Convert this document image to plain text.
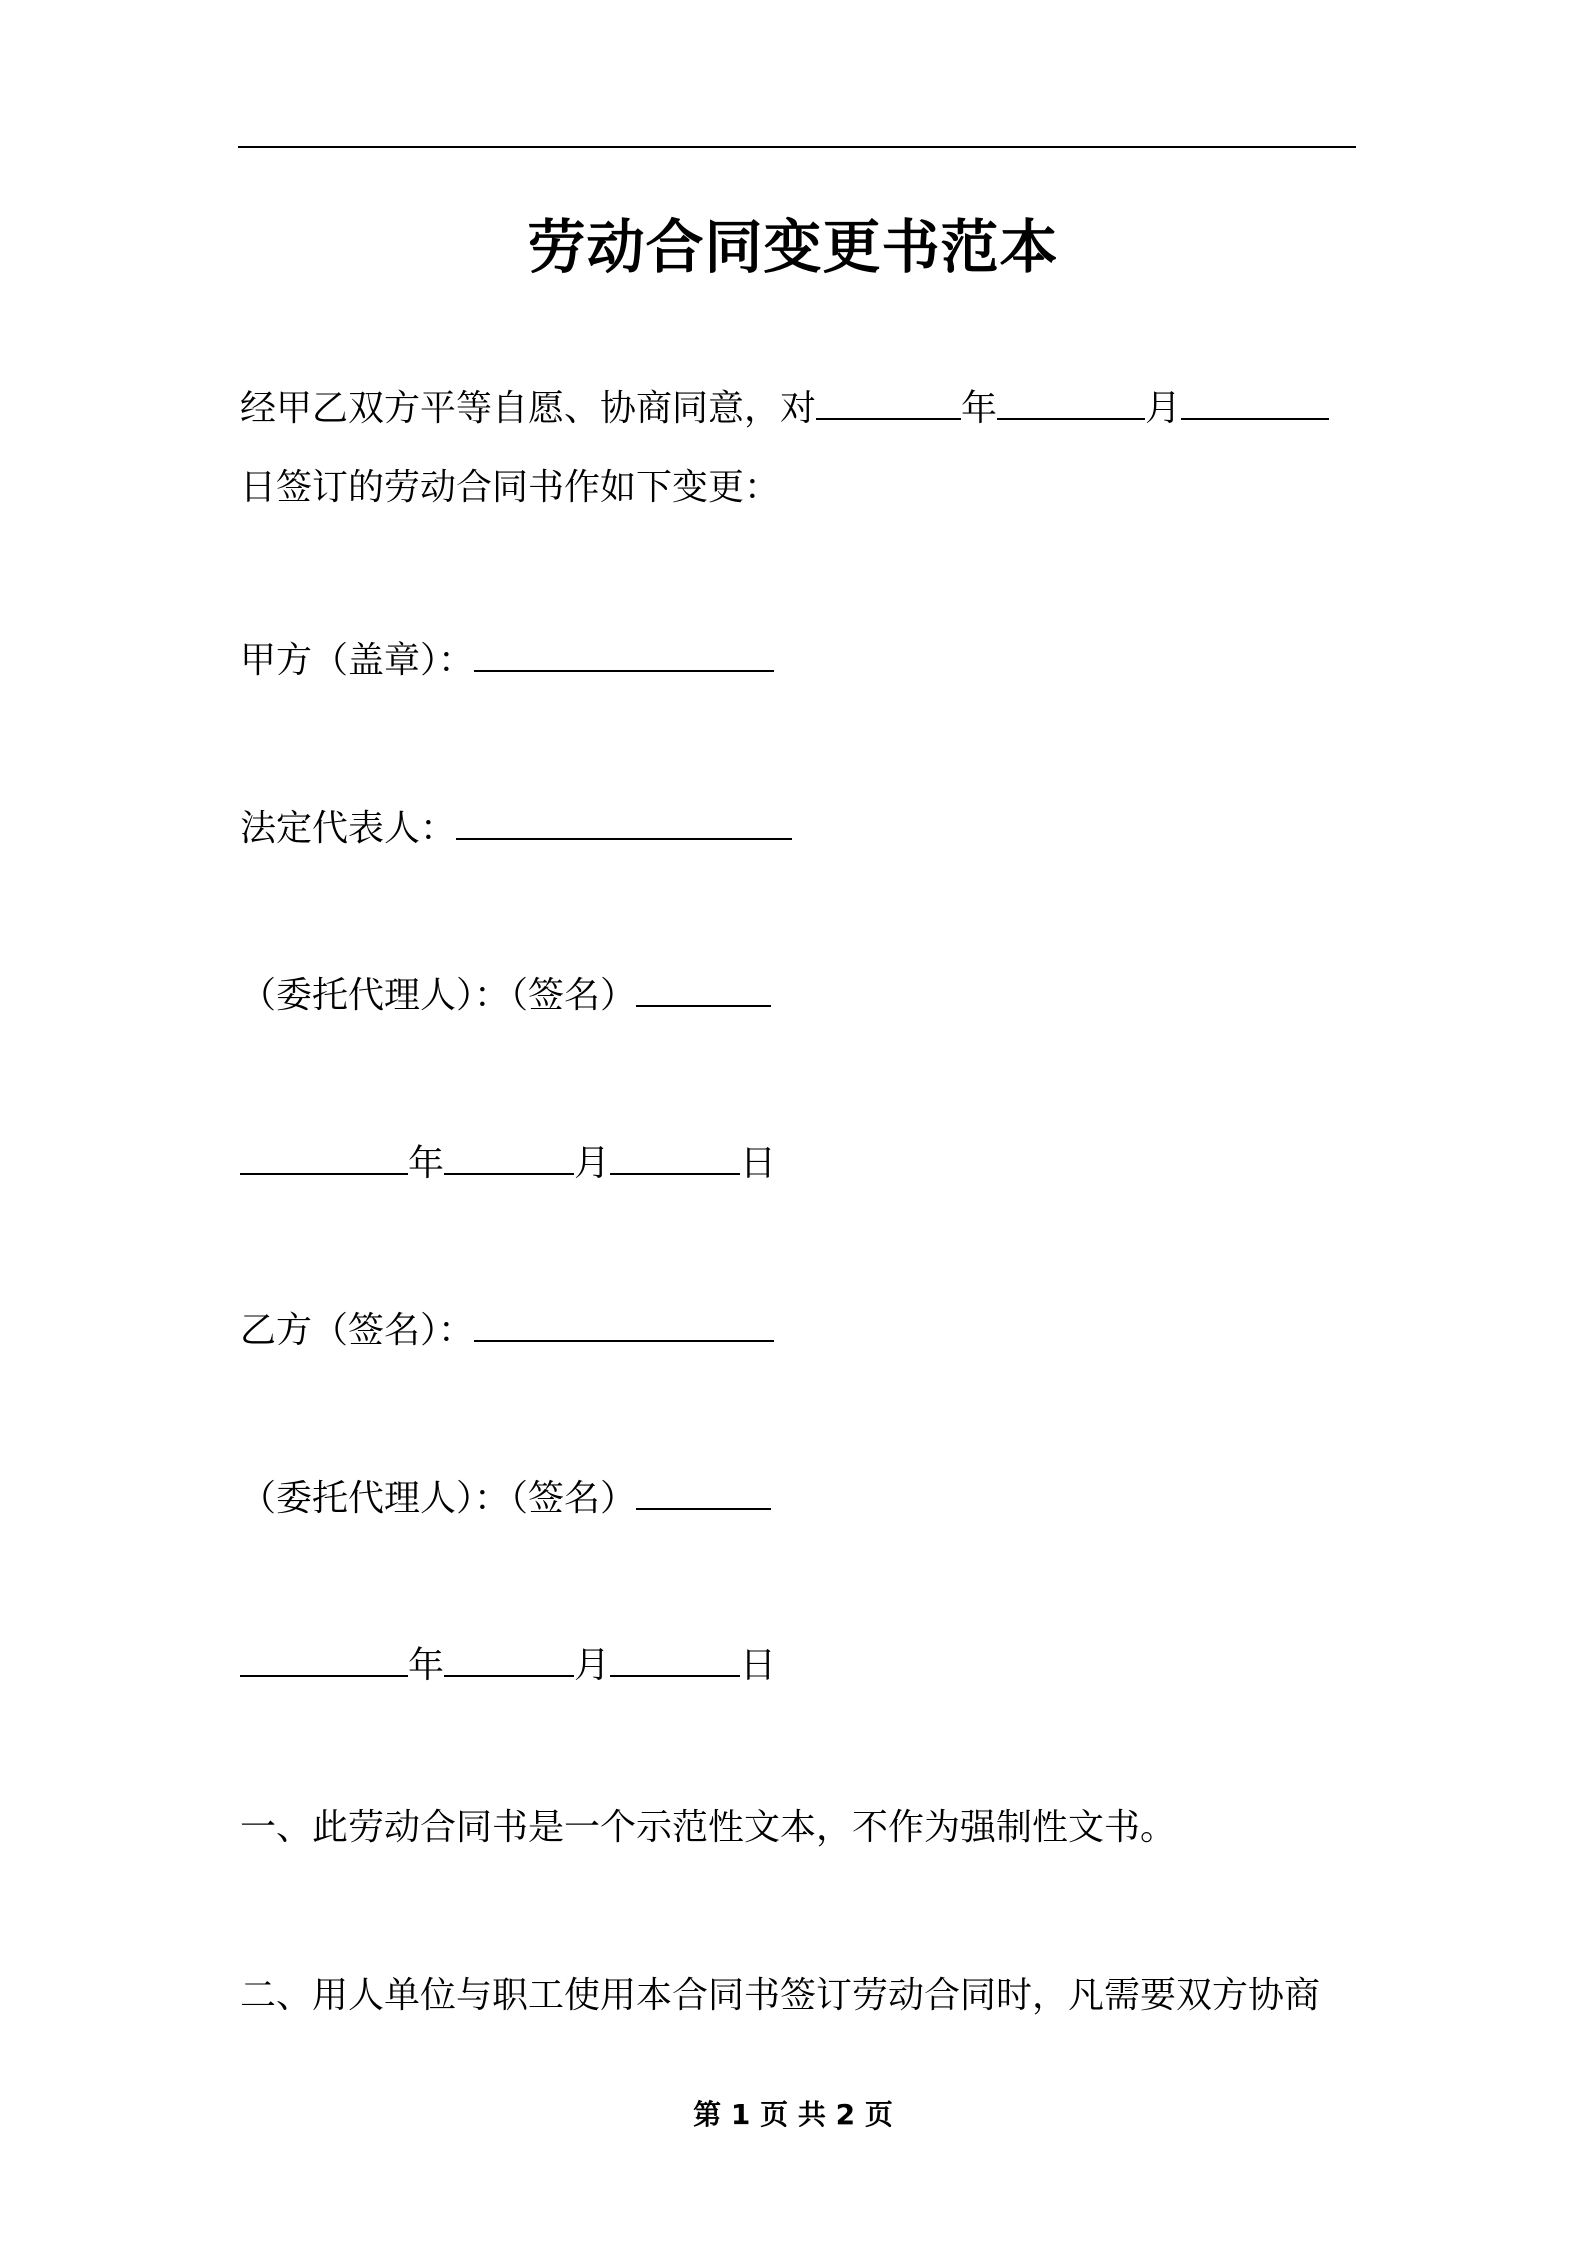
劳动合同变更书范本
经甲乙双方平等自愿、协商同意，对	年	月
日签订的劳动合同书作如下变更：
甲方（盖章）：
法定代表人：
（委托代理人）：（签名）
年	月	日
乙方（签名）：
（委托代理人）：（签名）
年	月	日
一、此劳动合同书是一个示范性文本，不作为强制性文书。
二、用人单位与职工使用本合同书签订劳动合同时，凡需要双方协商
第 1 页 共 2 页
